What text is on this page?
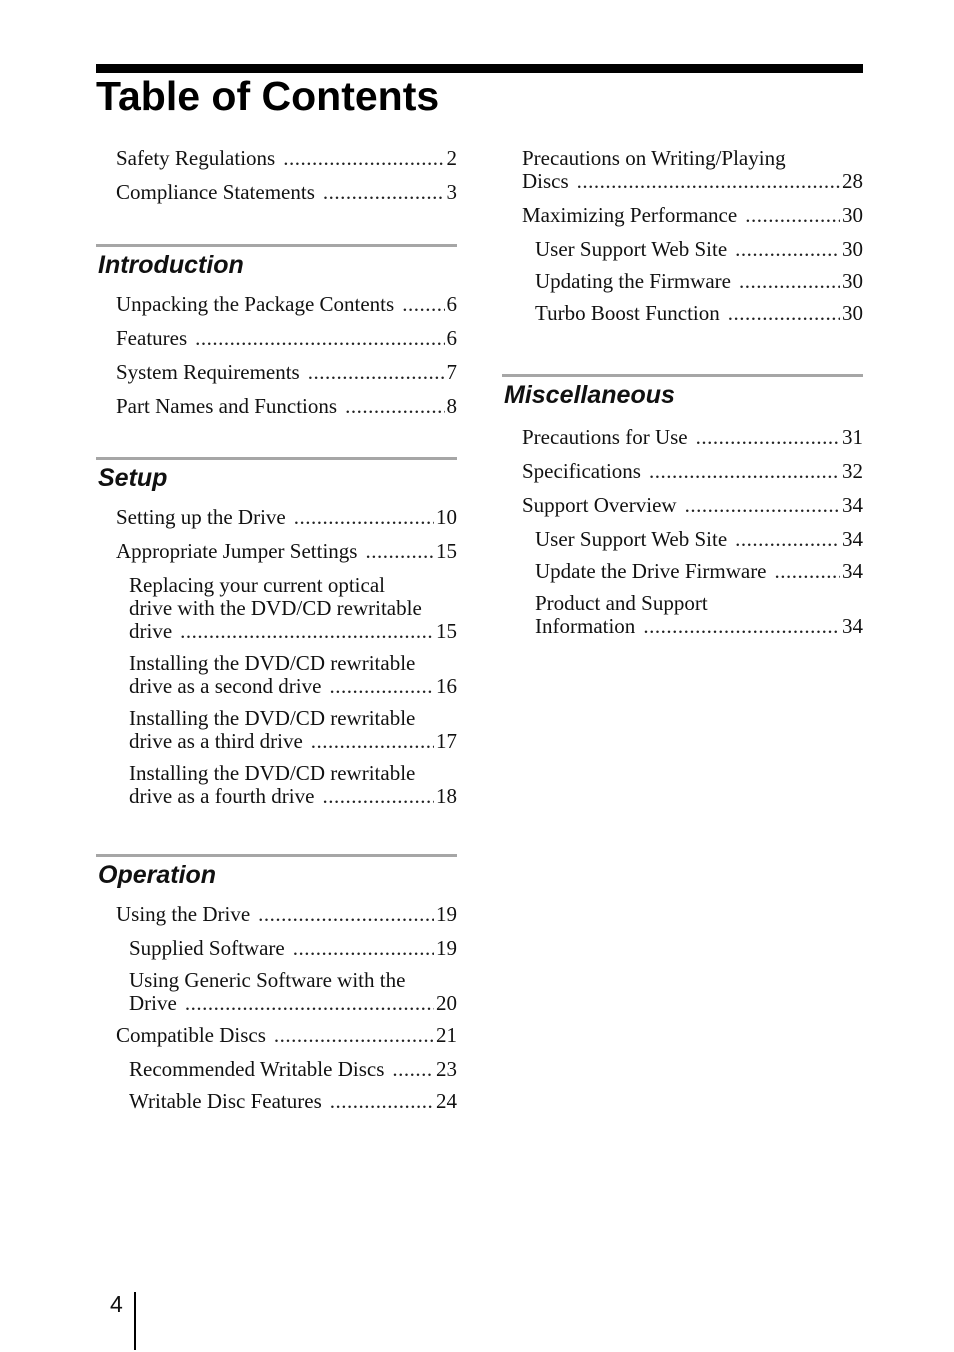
Table of Contents
Safety Regulations .....	2
Compliance Statements .....	3
Introduction
Unpacking the Package Contents ..... 6
Features .....	6
System Requirements .....	7
Part Names and Functions .....	8
Setup
Setting up the Drive .....	10
Appropriate Jumper Settings .....	15
Replacing your current optical
drive with the DVD/CD rewritable
drive .....	15
Installing the DVD/CD rewritable
drive as a second drive .....	16
Installing the DVD/CD rewritable
drive as a third drive .....	17
Installing the DVD/CD rewritable
drive as a fourth drive .....	18
Operation
Using the Drive .....	19
Supplied Software .....	19
Using Generic Software with the
Drive .....	20
Compatible Discs .....	21
Recommended Writable Discs ..... 23
Writable Disc Features .....	24
Precautions on Writing/Playing
Discs .....	28
Maximizing Performance .....	30
User Support Web Site .....	30
Updating the Firmware .....	30
Turbo Boost Function .....	30
Miscellaneous
Precautions for Use .....	31
Specifications .....	32
Support Overview .....	34
User Support Web Site .....	34
Update the Drive Firmware .....	34
Product and Support
Information .....	34
4
